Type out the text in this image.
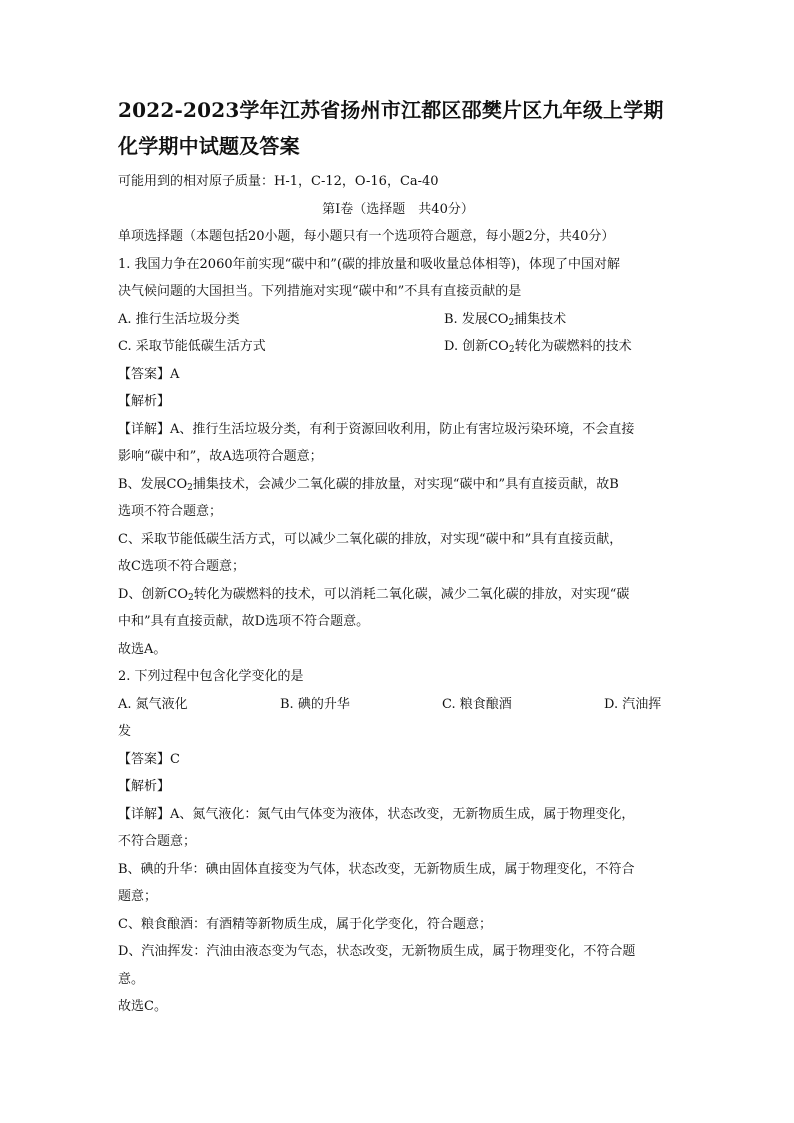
2022-2023学年江苏省扬州市江都区邵樊片区九年级上学期
化学期中试题及答案

可能用到的相对原子质量：H-1，C-12，O-16，Ca-40

第Ⅰ卷（选择题　共40分）

单项选择题（本题包括20小题，每小题只有一个选项符合题意，每小题2分，共40分）

1. 我国力争在2060年前实现“碳中和”(碳的排放量和吸收量总体相等)，体现了中国对解

决气候问题的大国担当。下列措施对实现“碳中和”不具有直接贡献的是

A. 推行生活垃圾分类	B. 发展$CO_2$捕集技术
C. 采取节能低碳生活方式	D. 创新$CO_2$转化为碳燃料的技术

【答案】A

【解析】

【详解】A、推行生活垃圾分类，有利于资源回收利用，防止有害垃圾污染环境，不会直接

影响“碳中和”，故A选项符合题意；

B、发展$CO_2$捕集技术，会减少二氧化碳的排放量，对实现“碳中和”具有直接贡献，故B

选项不符合题意；

C、采取节能低碳生活方式，可以减少二氧化碳的排放，对实现“碳中和”具有直接贡献，

故C选项不符合题意；

D、创新$CO_2$转化为碳燃料的技术，可以消耗二氧化碳，减少二氧化碳的排放，对实现“碳

中和”具有直接贡献，故D选项不符合题意。

故选A。

2. 下列过程中包含化学变化的是

A. 氮气液化	B. 碘的升华	C. 粮食酿酒	D. 汽油挥

发

【答案】C

【解析】

【详解】A、氮气液化：氮气由气体变为液体，状态改变，无新物质生成，属于物理变化，

不符合题意；

B、碘的升华：碘由固体直接变为气体，状态改变，无新物质生成，属于物理变化，不符合

题意；

C、粮食酿酒：有酒精等新物质生成，属于化学变化，符合题意；

D、汽油挥发：汽油由液态变为气态，状态改变，无新物质生成，属于物理变化，不符合题

意。

故选C。
